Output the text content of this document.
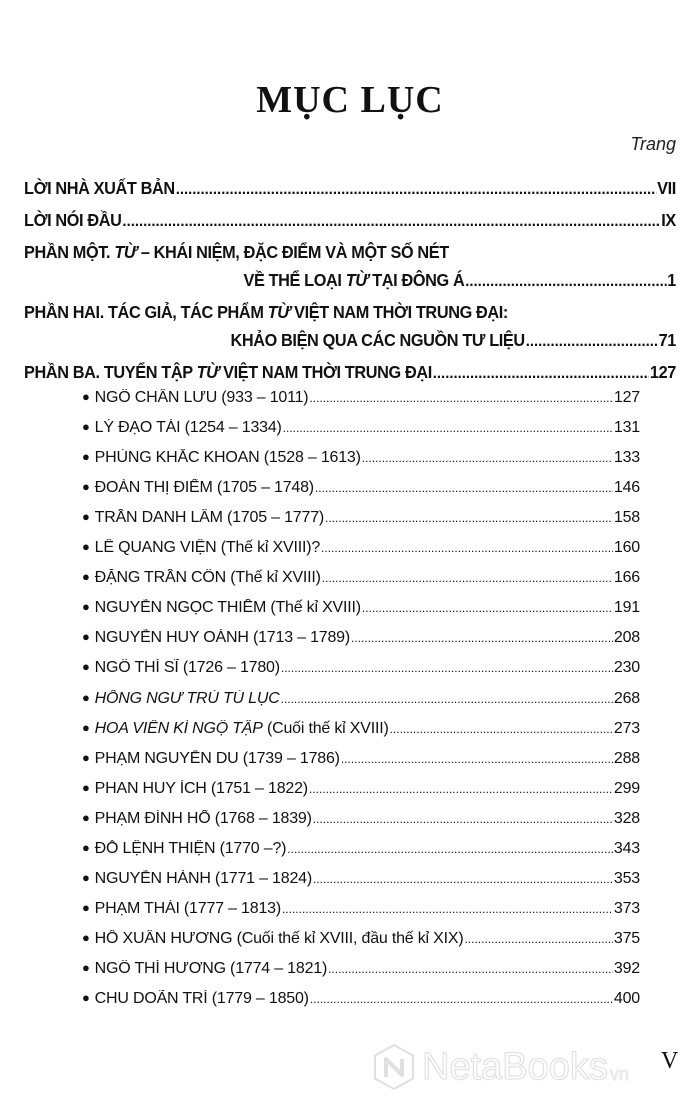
MỤC LỤC
Trang
LỜI NHÀ XUẤT BẢN .....	VII
LỜI NÓI ĐẦU .....	IX
PHẦN MỘT. TỪ – KHÁI NIỆM, ĐẶC ĐIỂM VÀ MỘT SỐ NÉT
VỀ THỂ LOẠI TỪ TẠI ĐÔNG Á .....	1
PHẦN HAI. TÁC GIẢ, TÁC PHẨM TỪ VIỆT NAM THỜI TRUNG ĐẠI:
KHẢO BIỆN QUA CÁC NGUỒN TƯ LIỆU .....	71
PHẦN BA. TUYỂN TẬP TỪ VIỆT NAM THỜI TRUNG ĐẠI .....	127
● NGÔ CHÂN LƯU (933 – 1011) .....	127
● LÝ ĐẠO TÁI (1254 – 1334) .....	131
● PHÙNG KHẮC KHOAN (1528 – 1613) .....	133
● ĐOÀN THỊ ĐIỂM (1705 – 1748) .....	146
● TRẦN DANH LÂM (1705 – 1777) .....	158
● LÊ QUANG VIỆN (Thế kỉ XVIII)? .....	160
● ĐẶNG TRẦN CÔN (Thế kỉ XVIII) .....	166
● NGUYỄN NGỌC THIỀM (Thế kỉ XVIII) .....	191
● NGUYỄN HUY OÁNH (1713 – 1789) .....	208
● NGÔ THÌ SĨ (1726 – 1780) .....	230
● HỒNG NGƯ TRÚ TÚ LỤC .....	268
● HOA VIÊN KÌ NGỘ TẬP (Cuối thế kỉ XVIII) .....	273
● PHẠM NGUYỄN DU (1739 – 1786) .....	288
● PHAN HUY ÍCH (1751 – 1822) .....	299
● PHẠM ĐÌNH HỔ (1768 – 1839) .....	328
● ĐỖ LỆNH THIỆN (1770 –?) .....	343
● NGUYỄN HÀNH (1771 – 1824) .....	353
● PHẠM THÁI (1777 – 1813) .....	373
● HỒ XUÂN HƯƠNG (Cuối thế kỉ XVIII, đầu thế kỉ XIX) .....	375
● NGÔ THÌ HƯƠNG (1774 – 1821) .....	392
● CHU DOÃN TRÍ (1779 – 1850) .....	400
V
NetaBooks vn
